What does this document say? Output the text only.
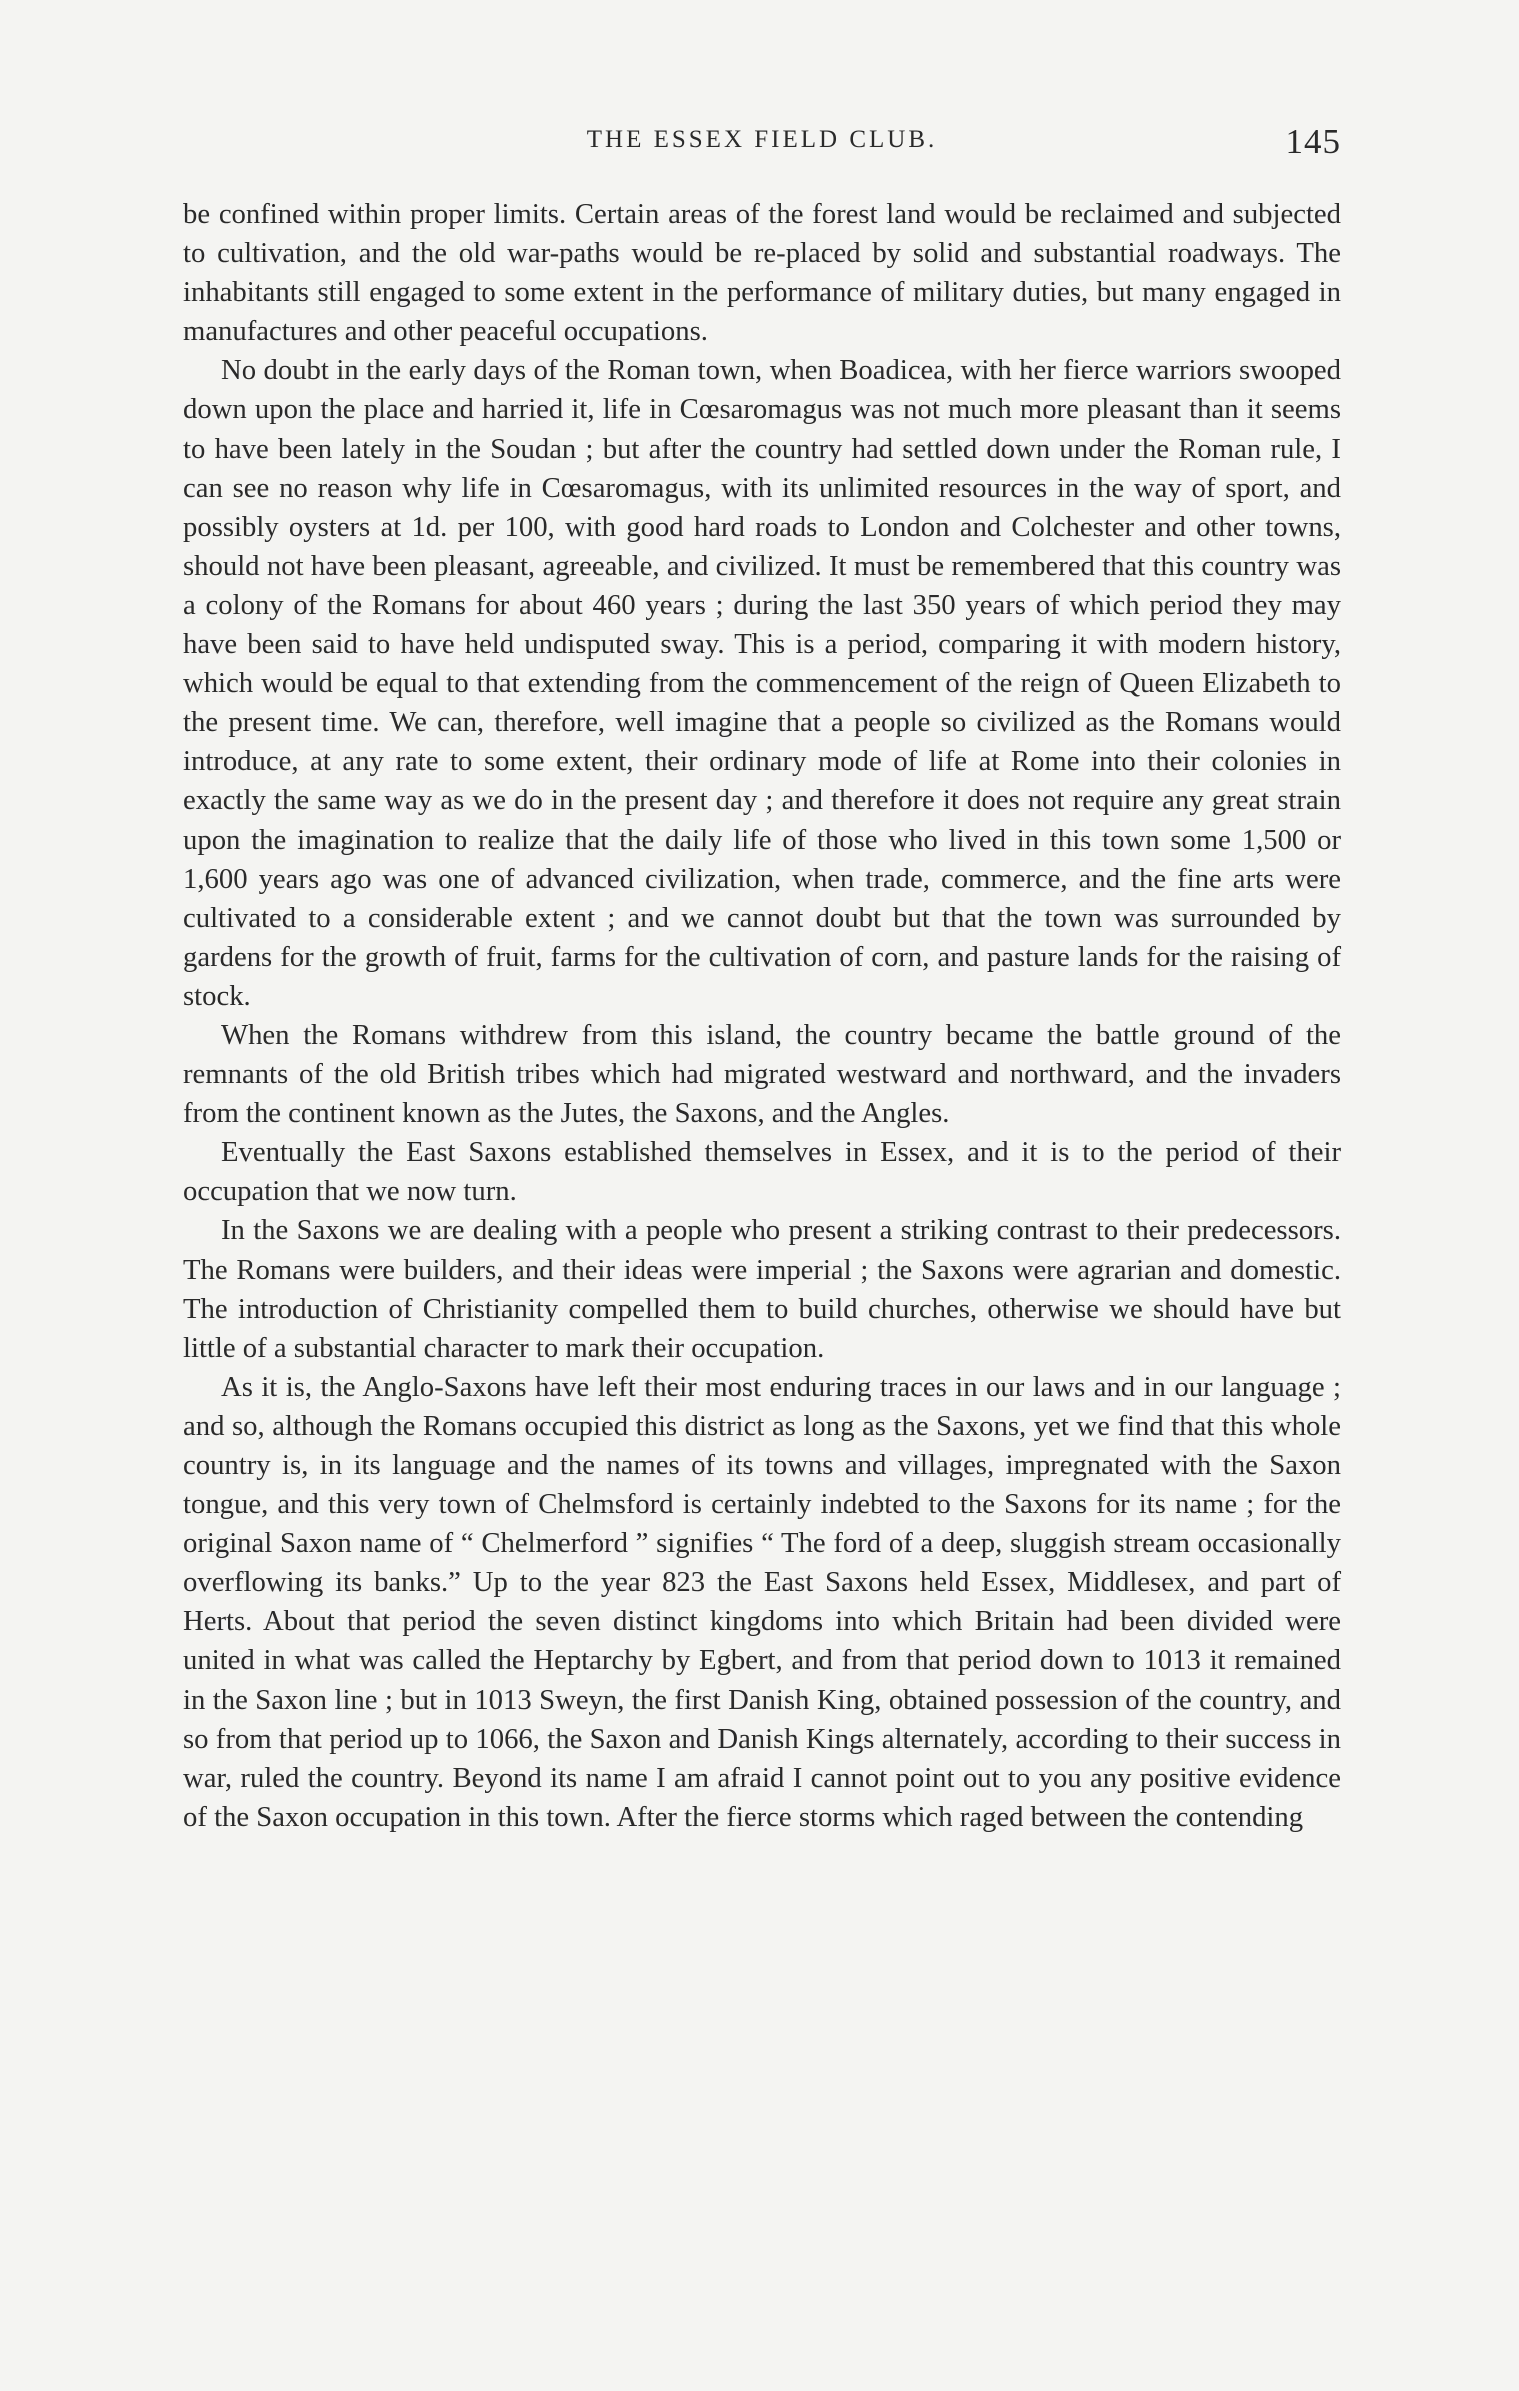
THE ESSEX FIELD CLUB.	145

be confined within proper limits. Certain areas of the forest land would be reclaimed and subjected to cultivation, and the old war-paths would be re-placed by solid and substantial roadways. The inhabitants still engaged to some extent in the performance of military duties, but many engaged in manufactures and other peaceful occupations.

No doubt in the early days of the Roman town, when Boadicea, with her fierce warriors swooped down upon the place and harried it, life in Cœsaromagus was not much more pleasant than it seems to have been lately in the Soudan ; but after the country had settled down under the Roman rule, I can see no reason why life in Cœsaromagus, with its unlimited resources in the way of sport, and possibly oysters at 1d. per 100, with good hard roads to London and Colchester and other towns, should not have been pleasant, agreeable, and civilized. It must be remembered that this country was a colony of the Romans for about 460 years ; during the last 350 years of which period they may have been said to have held undisputed sway. This is a period, comparing it with modern history, which would be equal to that extending from the commencement of the reign of Queen Elizabeth to the present time. We can, therefore, well imagine that a people so civilized as the Romans would introduce, at any rate to some extent, their ordinary mode of life at Rome into their colonies in exactly the same way as we do in the present day ; and therefore it does not require any great strain upon the imagination to realize that the daily life of those who lived in this town some 1,500 or 1,600 years ago was one of advanced civilization, when trade, commerce, and the fine arts were cultivated to a considerable extent ; and we cannot doubt but that the town was surrounded by gardens for the growth of fruit, farms for the cultivation of corn, and pasture lands for the raising of stock.

When the Romans withdrew from this island, the country became the battle ground of the remnants of the old British tribes which had migrated westward and northward, and the invaders from the continent known as the Jutes, the Saxons, and the Angles.

Eventually the East Saxons established themselves in Essex, and it is to the period of their occupation that we now turn.

In the Saxons we are dealing with a people who present a striking contrast to their predecessors. The Romans were builders, and their ideas were imperial ; the Saxons were agrarian and domestic. The introduction of Christianity compelled them to build churches, otherwise we should have but little of a substantial character to mark their occupation.

As it is, the Anglo-Saxons have left their most enduring traces in our laws and in our language ; and so, although the Romans occupied this district as long as the Saxons, yet we find that this whole country is, in its language and the names of its towns and villages, impregnated with the Saxon tongue, and this very town of Chelmsford is certainly indebted to the Saxons for its name ; for the original Saxon name of “ Chelmerford ” signifies “ The ford of a deep, sluggish stream occasionally overflowing its banks.” Up to the year 823 the East Saxons held Essex, Middlesex, and part of Herts. About that period the seven distinct kingdoms into which Britain had been divided were united in what was called the Heptarchy by Egbert, and from that period down to 1013 it remained in the Saxon line ; but in 1013 Sweyn, the first Danish King, obtained possession of the country, and so from that period up to 1066, the Saxon and Danish Kings alternately, according to their success in war, ruled the country. Beyond its name I am afraid I cannot point out to you any positive evidence of the Saxon occupation in this town. After the fierce storms which raged between the contending
